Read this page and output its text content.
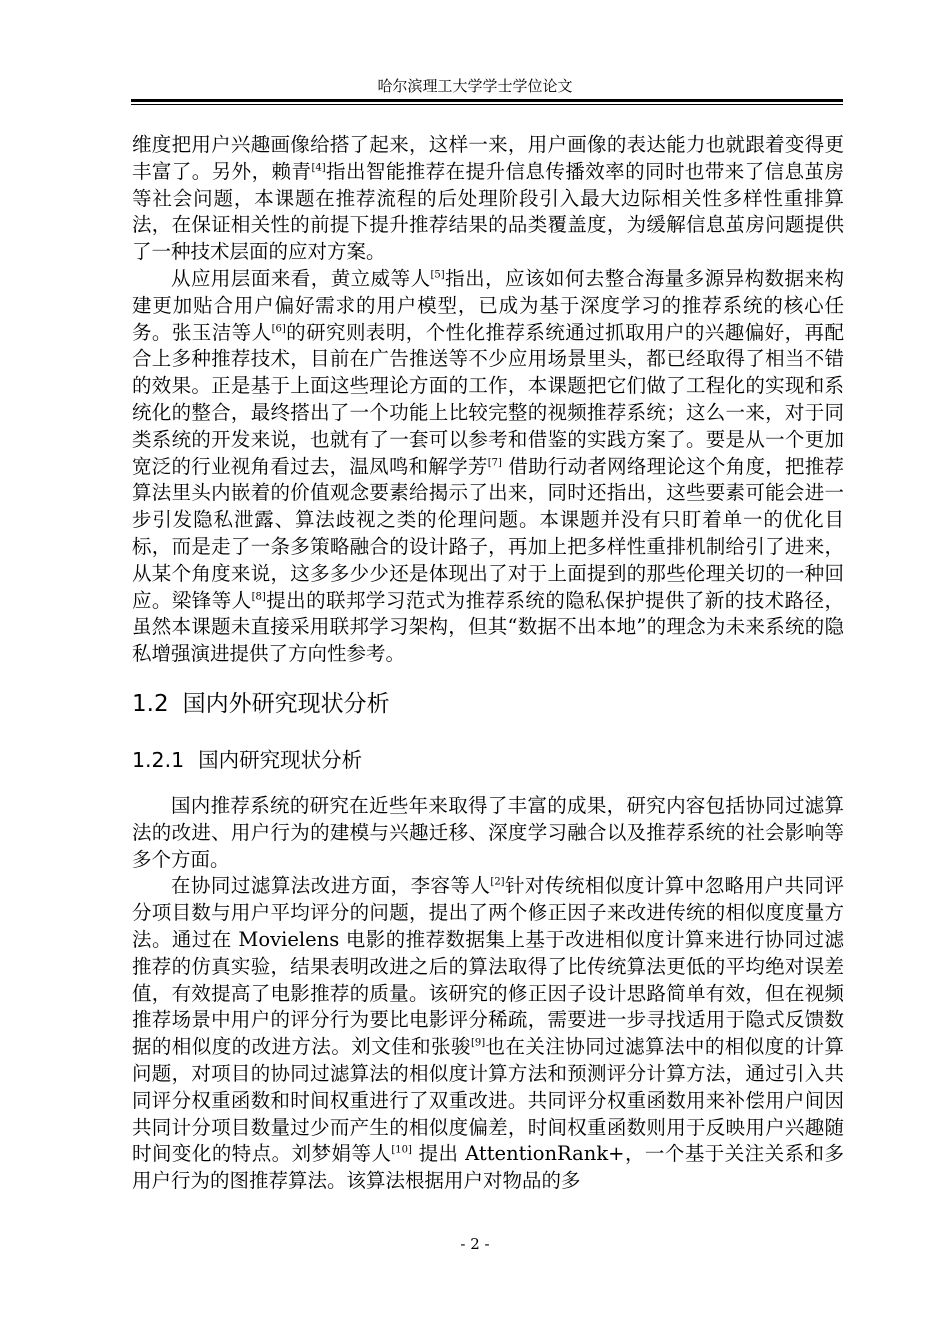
哈尔滨理工大学学士学位论文

维度把用户兴趣画像给搭了起来，这样一来，用户画像的表达能力也就跟着变得更丰富了。另外，赖青[4]指出智能推荐在提升信息传播效率的同时也带来了信息茧房等社会问题，本课题在推荐流程的后处理阶段引入最大边际相关性多样性重排算法，在保证相关性的前提下提升推荐结果的品类覆盖度，为缓解信息茧房问题提供了一种技术层面的应对方案。

从应用层面来看，黄立威等人[5]指出，应该如何去整合海量多源异构数据来构建更加贴合用户偏好需求的用户模型，已成为基于深度学习的推荐系统的核心任务。张玉洁等人[6]的研究则表明，个性化推荐系统通过抓取用户的兴趣偏好，再配合上多种推荐技术，目前在广告推送等不少应用场景里头，都已经取得了相当不错的效果。正是基于上面这些理论方面的工作，本课题把它们做了工程化的实现和系统化的整合，最终搭出了一个功能上比较完整的视频推荐系统；这么一来，对于同类系统的开发来说，也就有了一套可以参考和借鉴的实践方案了。要是从一个更加宽泛的行业视角看过去，温凤鸣和解学芳[7] 借助行动者网络理论这个角度，把推荐算法里头内嵌着的价值观念要素给揭示了出来，同时还指出，这些要素可能会进一步引发隐私泄露、算法歧视之类的伦理问题。本课题并没有只盯着单一的优化目标，而是走了一条多策略融合的设计路子，再加上把多样性重排机制给引了进来，从某个角度来说，这多多少少还是体现出了对于上面提到的那些伦理关切的一种回应。梁锋等人[8]提出的联邦学习范式为推荐系统的隐私保护提供了新的技术路径，虽然本课题未直接采用联邦学习架构，但其“数据不出本地”的理念为未来系统的隐私增强演进提供了方向性参考。

1.2 国内外研究现状分析
1.2.1 国内研究现状分析

国内推荐系统的研究在近些年来取得了丰富的成果，研究内容包括协同过滤算法的改进、用户行为的建模与兴趣迁移、深度学习融合以及推荐系统的社会影响等多个方面。

在协同过滤算法改进方面，李容等人[2]针对传统相似度计算中忽略用户共同评分项目数与用户平均评分的问题，提出了两个修正因子来改进传统的相似度度量方法。通过在 Movielens 电影的推荐数据集上基于改进相似度计算来进行协同过滤推荐的仿真实验，结果表明改进之后的算法取得了比传统算法更低的平均绝对误差值，有效提高了电影推荐的质量。该研究的修正因子设计思路简单有效，但在视频推荐场景中用户的评分行为要比电影评分稀疏，需要进一步寻找适用于隐式反馈数据的相似度的改进方法。刘文佳和张骏[9]也在关注协同过滤算法中的相似度的计算问题，对项目的协同过滤算法的相似度计算方法和预测评分计算方法，通过引入共同评分权重函数和时间权重进行了双重改进。共同评分权重函数用来补偿用户间因共同计分项目数量过少而产生的相似度偏差，时间权重函数则用于反映用户兴趣随时间变化的特点。刘梦娟等人[10] 提出 AttentionRank+，一个基于关注关系和多用户行为的图推荐算法。该算法根据用户对物品的多

- 2 -
